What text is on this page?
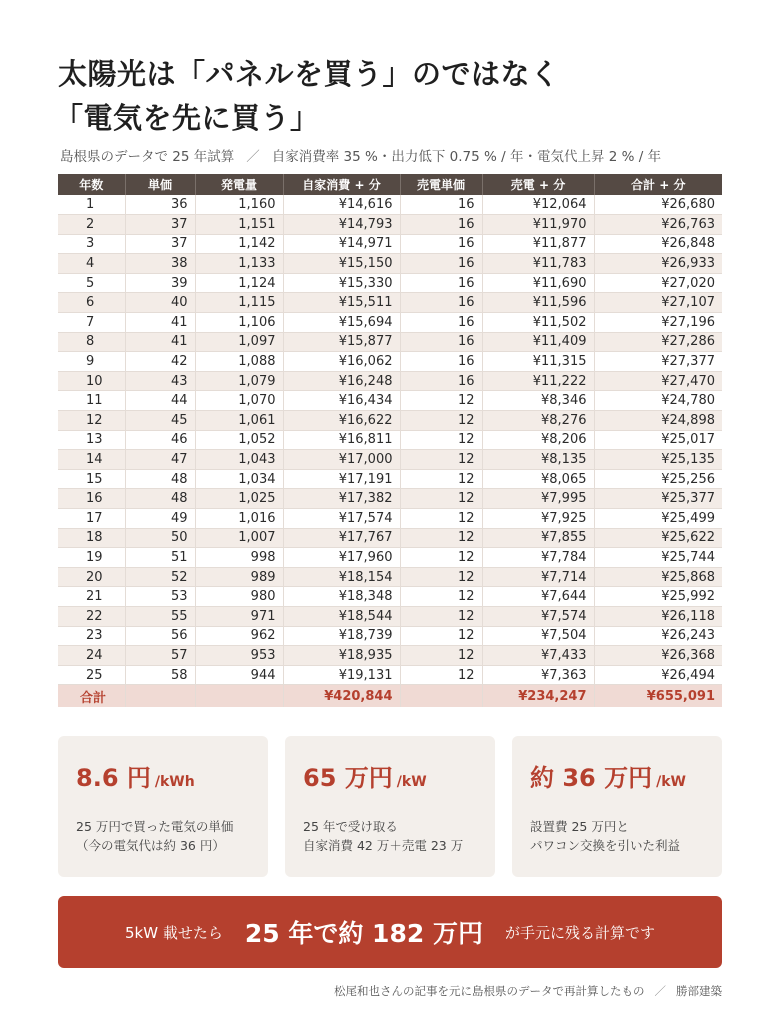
太陽光は「パネルを買う」のではなく
「電気を先に買う」
島根県のデータで 25 年試算 ／ 自家消費率 35 %・出力低下 0.75 % / 年・電気代上昇 2 % / 年
年数	単価	発電量	自家消費 + 分	売電単価	売電 + 分	合計 + 分
1	36	1,160	¥14,616	16	¥12,064	¥26,680
2	37	1,151	¥14,793	16	¥11,970	¥26,763
3	37	1,142	¥14,971	16	¥11,877	¥26,848
4	38	1,133	¥15,150	16	¥11,783	¥26,933
5	39	1,124	¥15,330	16	¥11,690	¥27,020
6	40	1,115	¥15,511	16	¥11,596	¥27,107
7	41	1,106	¥15,694	16	¥11,502	¥27,196
8	41	1,097	¥15,877	16	¥11,409	¥27,286
9	42	1,088	¥16,062	16	¥11,315	¥27,377
10	43	1,079	¥16,248	16	¥11,222	¥27,470
11	44	1,070	¥16,434	12	¥8,346	¥24,780
12	45	1,061	¥16,622	12	¥8,276	¥24,898
13	46	1,052	¥16,811	12	¥8,206	¥25,017
14	47	1,043	¥17,000	12	¥8,135	¥25,135
15	48	1,034	¥17,191	12	¥8,065	¥25,256
16	48	1,025	¥17,382	12	¥7,995	¥25,377
17	49	1,016	¥17,574	12	¥7,925	¥25,499
18	50	1,007	¥17,767	12	¥7,855	¥25,622
19	51	998	¥17,960	12	¥7,784	¥25,744
20	52	989	¥18,154	12	¥7,714	¥25,868
21	53	980	¥18,348	12	¥7,644	¥25,992
22	55	971	¥18,544	12	¥7,574	¥26,118
23	56	962	¥18,739	12	¥7,504	¥26,243
24	57	953	¥18,935	12	¥7,433	¥26,368
25	58	944	¥19,131	12	¥7,363	¥26,494
合計			¥420,844		¥234,247	¥655,091
8.6 円 /kWh
25 万円で買った電気の単価
（今の電気代は約 36 円）
65 万円 /kW
25 年で受け取る
自家消費 42 万＋売電 23 万
約 36 万円 /kW
設置費 25 万円と
パワコン交換を引いた利益
5kW 載せたら 25 年で約 182 万円 が手元に残る計算です
松尾和也さんの記事を元に島根県のデータで再計算したもの ／ 勝部建築
